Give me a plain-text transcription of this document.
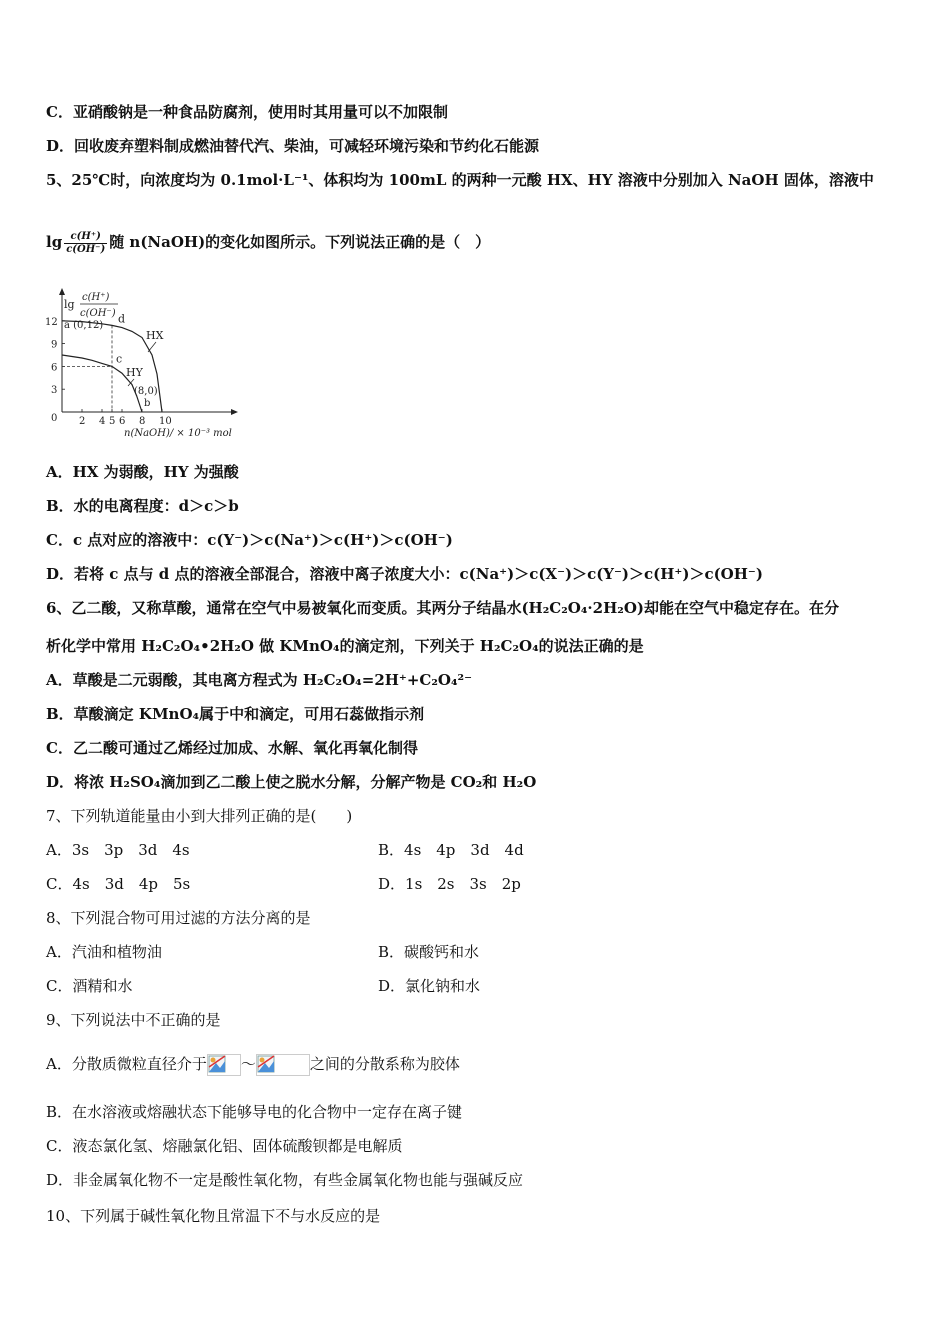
C．亚硝酸钠是一种食品防腐剂，使用时其用量可以不加限制
D．回收废弃塑料制成燃油替代汽、柴油，可减轻环境污染和节约化石能源
5、25℃时，向浓度均为 0.1mol·L⁻¹、体积均为 100mL 的两种一元酸 HX、HY 溶液中分别加入 NaOH 固体，溶液中
$\lg \frac{c(H^+)}{c(OH^-)}$ 随 n(NaOH)的变化如图所示。下列说法正确的是（　）
lg
c(H⁺)
c(OH⁻)
n(NaOH)/ × 10⁻³ mol
2 4 5 6 8 10
12
9
6
3
0
HX
HY
a (0,12)
d
c
(8,0)
b
A．HX 为弱酸，HY 为强酸
B．水的电离程度：d＞c＞b
C．c 点对应的溶液中：c(Y⁻)＞c(Na⁺)＞c(H⁺)＞c(OH⁻)
D．若将 c 点与 d 点的溶液全部混合，溶液中离子浓度大小：c(Na⁺)＞c(X⁻)＞c(Y⁻)＞c(H⁺)＞c(OH⁻)
6、乙二酸，又称草酸，通常在空气中易被氧化而变质。其两分子结晶水(H₂C₂O₄·2H₂O)却能在空气中稳定存在。在分
析化学中常用 H₂C₂O₄•2H₂O 做 KMnO₄的滴定剂，下列关于 H₂C₂O₄的说法正确的是
A．草酸是二元弱酸，其电离方程式为 H₂C₂O₄=2H⁺+C₂O₄²⁻
B．草酸滴定 KMnO₄属于中和滴定，可用石蕊做指示剂
C．乙二酸可通过乙烯经过加成、水解、氧化再氧化制得
D．将浓 H₂SO₄滴加到乙二酸上使之脱水分解，分解产物是 CO₂和 H₂O
7、下列轨道能量由小到大排列正确的是(　　)
A．3s　3p　3d　4s	B．4s　4p　3d　4d
C．4s　3d　4p　5s	D．1s　2s　3s　2p
8、下列混合物可用过滤的方法分离的是
A．汽油和植物油	B．碳酸钙和水
C．酒精和水	D．氯化钠和水
9、下列说法中不正确的是
A．分散质微粒直径介于 ～	之间的分散系称为胶体
B．在水溶液或熔融状态下能够导电的化合物中一定存在离子键
C．液态氯化氢、熔融氯化铝、固体硫酸钡都是电解质
D．非金属氧化物不一定是酸性氧化物，有些金属氧化物也能与强碱反应
10、下列属于碱性氧化物且常温下不与水反应的是
